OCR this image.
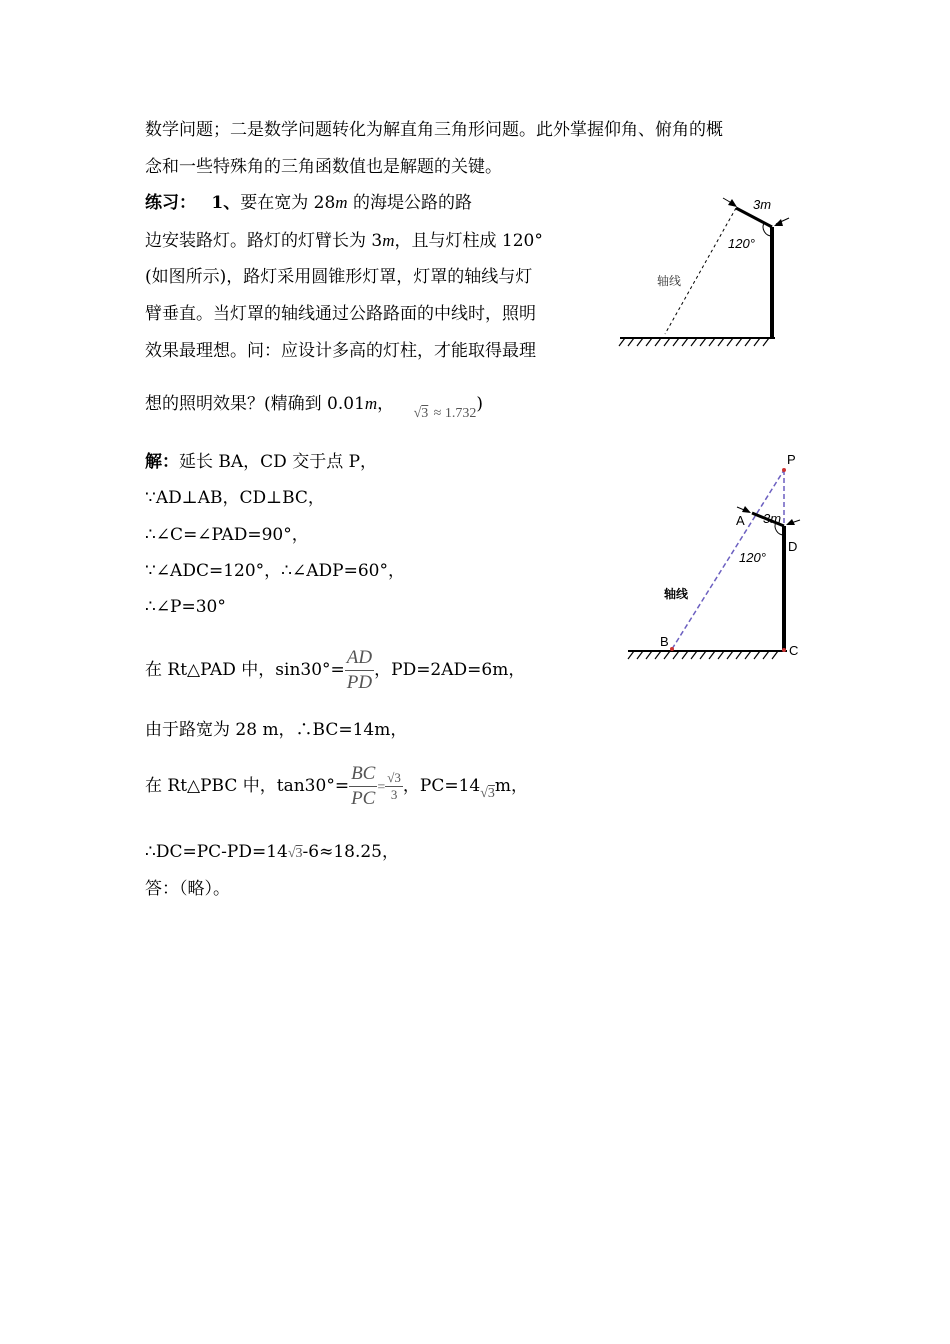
数学问题；二是数学问题转化为解直角三角形问题。此外掌握仰角、俯角的概
念和一些特殊角的三角函数值也是解题的关键。
练习： 1、要在宽为 28m 的海堤公路的路
边安装路灯。路灯的灯臂长为 3m，且与灯柱成 120°
(如图所示)，路灯采用圆锥形灯罩，灯罩的轴线与灯
臂垂直。当灯罩的轴线通过公路路面的中线时，照明
效果最理想。问：应设计多高的灯柱，才能取得最理
想的照明效果？(精确到 0.01m， $_{√3}$ $_{\approx 1.732}$)
3m
120°
轴线
解：延长 BA，CD 交于点 P，
∵AD⊥AB，CD⊥BC，
∴∠C=∠PAD=90°，
∵∠ADC=120°，∴∠ADP=60°，
∴∠P=30°
在 Rt△PAD 中，$\sin 30^\circ= \frac{AD}{PD}$ ，PD=2AD=6m，
由于路宽为 28 m，∴BC=14m，
在 Rt△PBC 中，$\tan 30^\circ= \frac{BC}{PC} = \frac{√3}{3}$ ，$PC=14_{√3}m$，
∴DC=PC-PD=14√3-6≈18.25，
答：（略）。
P
A
D
B
C
3m
120°
轴线
